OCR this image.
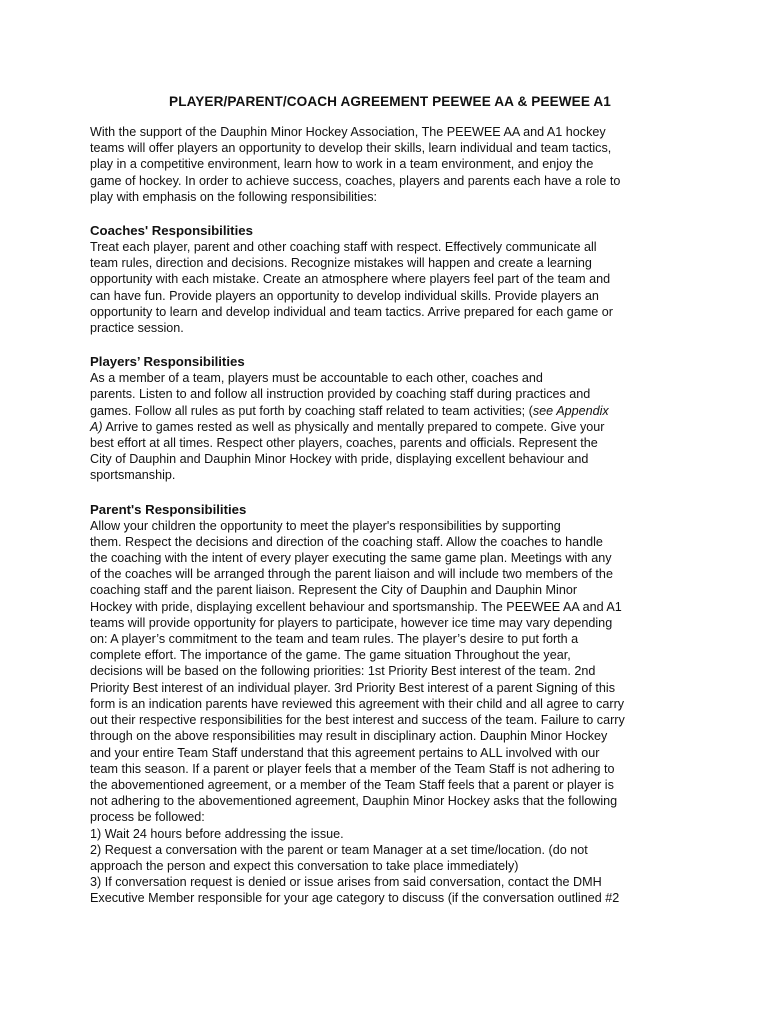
PLAYER/PARENT/COACH AGREEMENT PEEWEE AA & PEEWEE A1

With the support of the Dauphin Minor Hockey Association, The PEEWEE AA and A1 hockey
teams will offer players an opportunity to develop their skills, learn individual and team tactics,
play in a competitive environment, learn how to work in a team environment, and enjoy the
game of hockey. In order to achieve success, coaches, players and parents each have a role to
play with emphasis on the following responsibilities:

Coaches' Responsibilities

Treat each player, parent and other coaching staff with respect. Effectively communicate all
team rules, direction and decisions. Recognize mistakes will happen and create a learning
opportunity with each mistake. Create an atmosphere where players feel part of the team and
can have fun. Provide players an opportunity to develop individual skills. Provide players an
opportunity to learn and develop individual and team tactics. Arrive prepared for each game or
practice session.

Players’ Responsibilities

As a member of a team, players must be accountable to each other, coaches and
parents. Listen to and follow all instruction provided by coaching staff during practices and
games. Follow all rules as put forth by coaching staff related to team activities; (see Appendix
A) Arrive to games rested as well as physically and mentally prepared to compete. Give your
best effort at all times. Respect other players, coaches, parents and officials. Represent the
City of Dauphin and Dauphin Minor Hockey with pride, displaying excellent behaviour and
sportsmanship.

Parent's Responsibilities

Allow your children the opportunity to meet the player's responsibilities by supporting
them. Respect the decisions and direction of the coaching staff. Allow the coaches to handle
the coaching with the intent of every player executing the same game plan. Meetings with any
of the coaches will be arranged through the parent liaison and will include two members of the
coaching staff and the parent liaison. Represent the City of Dauphin and Dauphin Minor
Hockey with pride, displaying excellent behaviour and sportsmanship. The PEEWEE AA and A1
teams will provide opportunity for players to participate, however ice time may vary depending
on: A player’s commitment to the team and team rules. The player’s desire to put forth a
complete effort. The importance of the game. The game situation Throughout the year,
decisions will be based on the following priorities: 1st Priority Best interest of the team. 2nd
Priority Best interest of an individual player. 3rd Priority Best interest of a parent Signing of this
form is an indication parents have reviewed this agreement with their child and all agree to carry
out their respective responsibilities for the best interest and success of the team. Failure to carry
through on the above responsibilities may result in disciplinary action. Dauphin Minor Hockey
and your entire Team Staff understand that this agreement pertains to ALL involved with our
team this season. If a parent or player feels that a member of the Team Staff is not adhering to
the abovementioned agreement, or a member of the Team Staff feels that a parent or player is
not adhering to the abovementioned agreement, Dauphin Minor Hockey asks that the following
process be followed:
1) Wait 24 hours before addressing the issue.
2) Request a conversation with the parent or team Manager at a set time/location. (do not
approach the person and expect this conversation to take place immediately)
3) If conversation request is denied or issue arises from said conversation, contact the DMH
Executive Member responsible for your age category to discuss (if the conversation outlined #2
